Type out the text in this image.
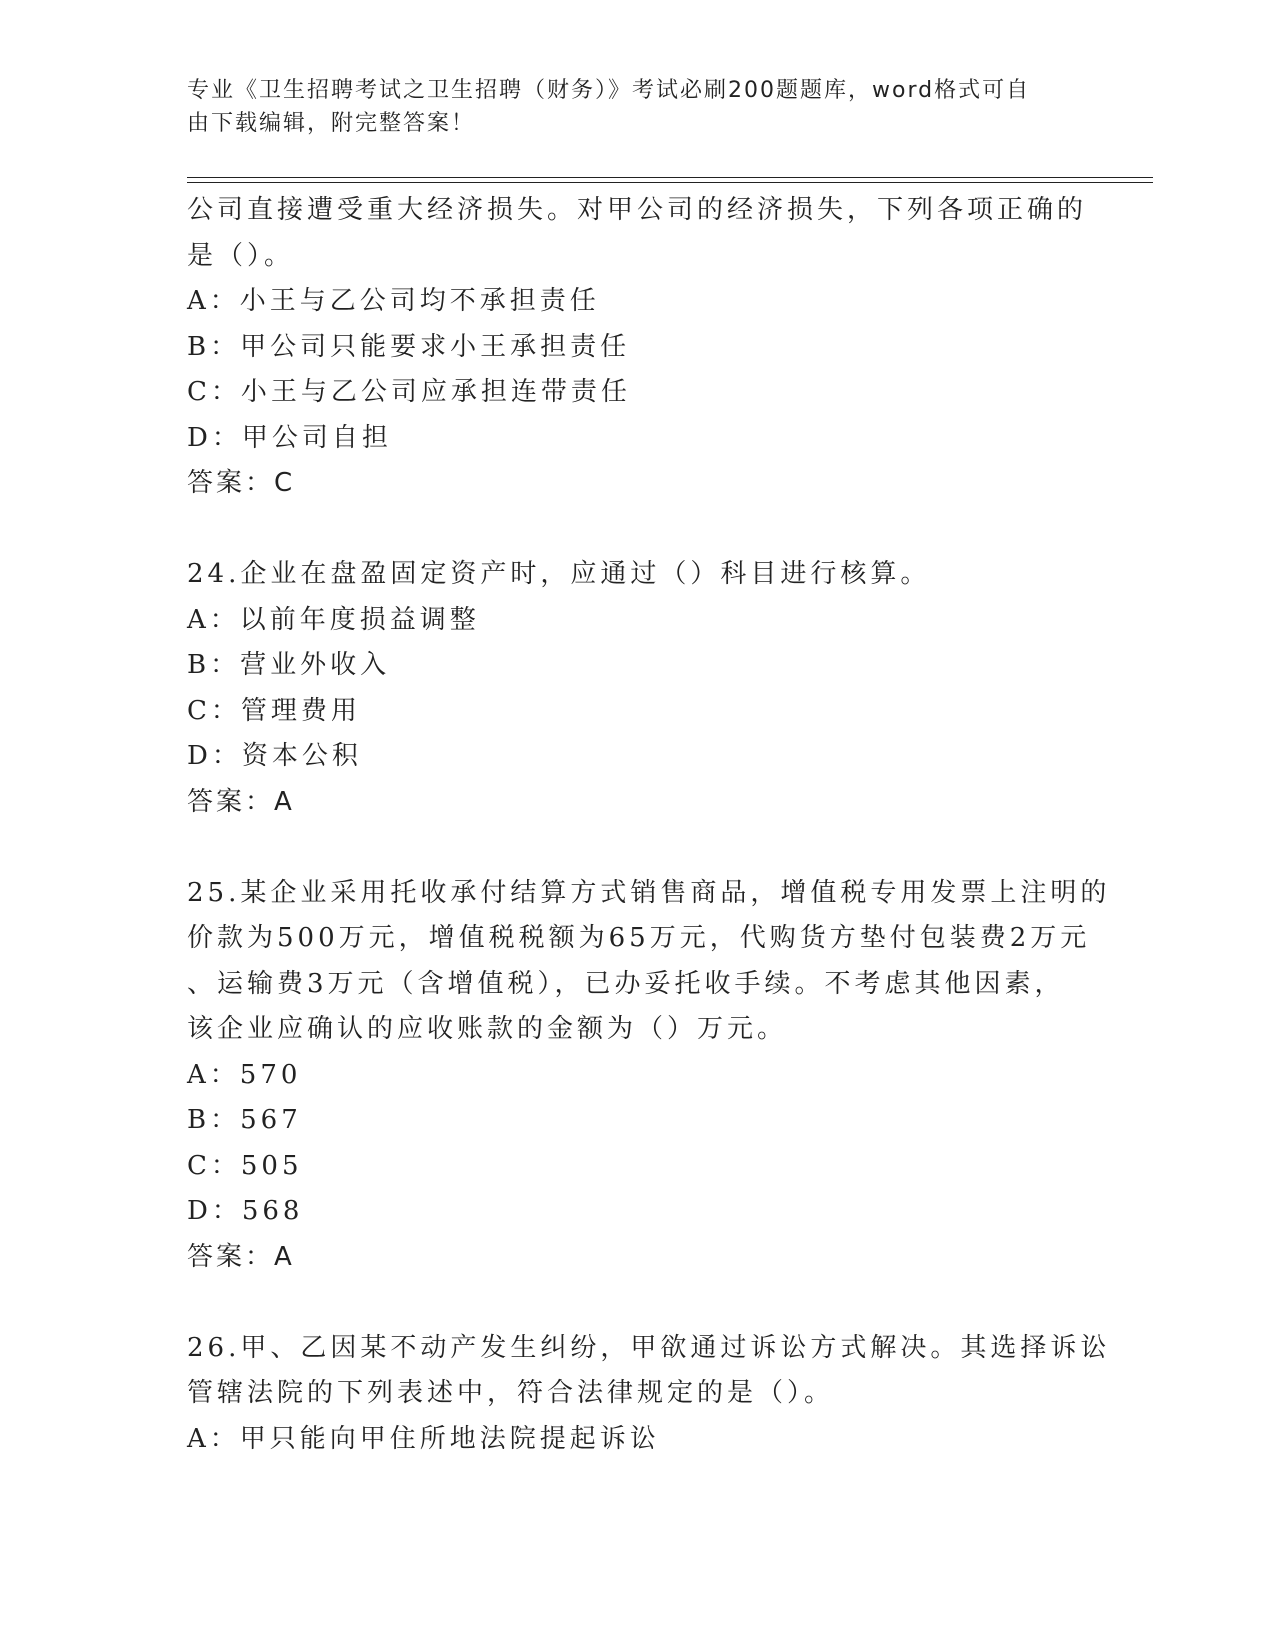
专业《卫生招聘考试之卫生招聘（财务）》考试必刷200题题库，word格式可自
由下载编辑，附完整答案！
公司直接遭受重大经济损失。对甲公司的经济损失，下列各项正确的
是（）。
A：小王与乙公司均不承担责任
B：甲公司只能要求小王承担责任
C：小王与乙公司应承担连带责任
D：甲公司自担
答案：C
24.企业在盘盈固定资产时，应通过（）科目进行核算。
A：以前年度损益调整
B：营业外收入
C：管理费用
D：资本公积
答案：A
25.某企业采用托收承付结算方式销售商品，增值税专用发票上注明的
价款为500万元，增值税税额为65万元，代购货方垫付包装费2万元
、运输费3万元（含增值税），已办妥托收手续。不考虑其他因素，
该企业应确认的应收账款的金额为（）万元。
A：570
B：567
C：505
D：568
答案：A
26.甲、乙因某不动产发生纠纷，甲欲通过诉讼方式解决。其选择诉讼
管辖法院的下列表述中，符合法律规定的是（）。
A：甲只能向甲住所地法院提起诉讼
